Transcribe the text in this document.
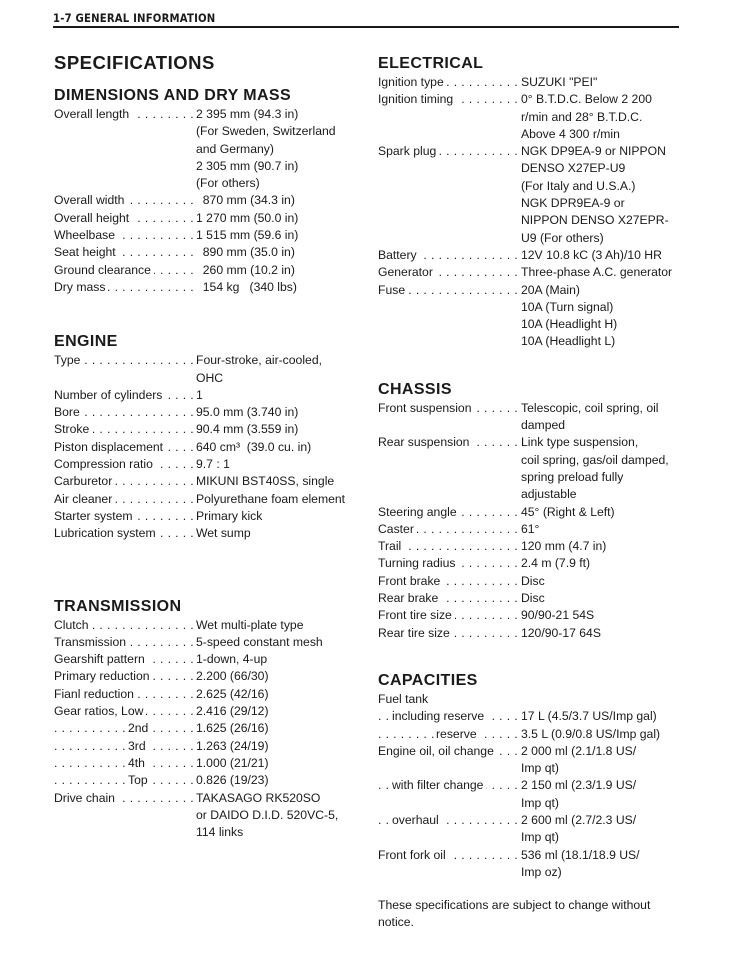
1-7 GENERAL INFORMATION
SPECIFICATIONS
DIMENSIONS AND DRY MASS
Overall length . . .	2 395 mm (94.3 in)
(For Sweden, Switzerland
and Germany)
2 305 mm (90.7 in)
(For others)
Overall width . . .	870 mm (34.3 in)
Overall height . . .	1 270 mm (50.0 in)
Wheelbase . . .	1 515 mm (59.6 in)
Seat height . . .	890 mm (35.0 in)
Ground clearance . . .	260 mm (10.2 in)
Dry mass . . .	154 kg   (340 lbs)
ENGINE
Type . . .	Four-stroke, air-cooled,
OHC
Number of cylinders . . .	1
Bore . . .	95.0 mm (3.740 in)
Stroke . . .	90.4 mm (3.559 in)
Piston displacement . . .	640 cm³  (39.0 cu. in)
Compression ratio . . .	9.7 : 1
Carburetor . . .	MIKUNI BST40SS, single
Air cleaner . . .	Polyurethane foam element
Starter system . . .	Primary kick
Lubrication system . . .	Wet sump
TRANSMISSION
Clutch . . .	Wet multi-plate type
Transmission . . .	5-speed constant mesh
Gearshift pattern . . .	1-down, 4-up
Primary reduction . . .	2.200 (66/30)
Fianl reduction . . .	2.625 (42/16)
Gear ratios, Low . . .	2.416 (29/12)
2nd . . .	1.625 (26/16)
3rd . . .	1.263 (24/19)
4th . . .	1.000 (21/21)
Top . . .	0.826 (19/23)
Drive chain . . .	TAKASAGO RK520SO
or DAIDO D.I.D. 520VC-5,
114 links
ELECTRICAL
Ignition type . . .	SUZUKI "PEI"
Ignition timing . . .	0° B.T.D.C. Below 2 200
r/min and 28° B.T.D.C.
Above 4 300 r/min
Spark plug . . .	NGK DP9EA-9 or NIPPON
DENSO X27EP-U9
(For Italy and U.S.A.)
NGK DPR9EA-9 or
NIPPON DENSO X27EPR-
U9 (For others)
Battery . . .	12V 10.8 kC (3 Ah)/10 HR
Generator . . .	Three-phase A.C. generator
Fuse . . .	20A (Main)
10A (Turn signal)
10A (Headlight H)
10A (Headlight L)
CHASSIS
Front suspension . . .	Telescopic, coil spring, oil
damped
Rear suspension . . .	Link type suspension,
coil spring, gas/oil damped,
spring preload fully
adjustable
Steering angle . . .	45° (Right & Left)
Caster . . .	61°
Trail . . .	120 mm (4.7 in)
Turning radius . . .	2.4 m (7.9 ft)
Front brake . . .	Disc
Rear brake . . .	Disc
Front tire size . . .	90/90-21 54S
Rear tire size . . .	120/90-17 64S
CAPACITIES
Fuel tank
including reserve . . .	17 L (4.5/3.7 US/Imp gal)
reserve . . .	3.5 L (0.9/0.8 US/Imp gal)
Engine oil, oil change . . .	2 000 ml (2.1/1.8 US/
Imp qt)
with filter change . . .	2 150 ml (2.3/1.9 US/
Imp qt)
overhaul . . .	2 600 ml (2.7/2.3 US/
Imp qt)
Front fork oil . . .	536 ml (18.1/18.9 US/
Imp oz)
These specifications are subject to change without notice.
